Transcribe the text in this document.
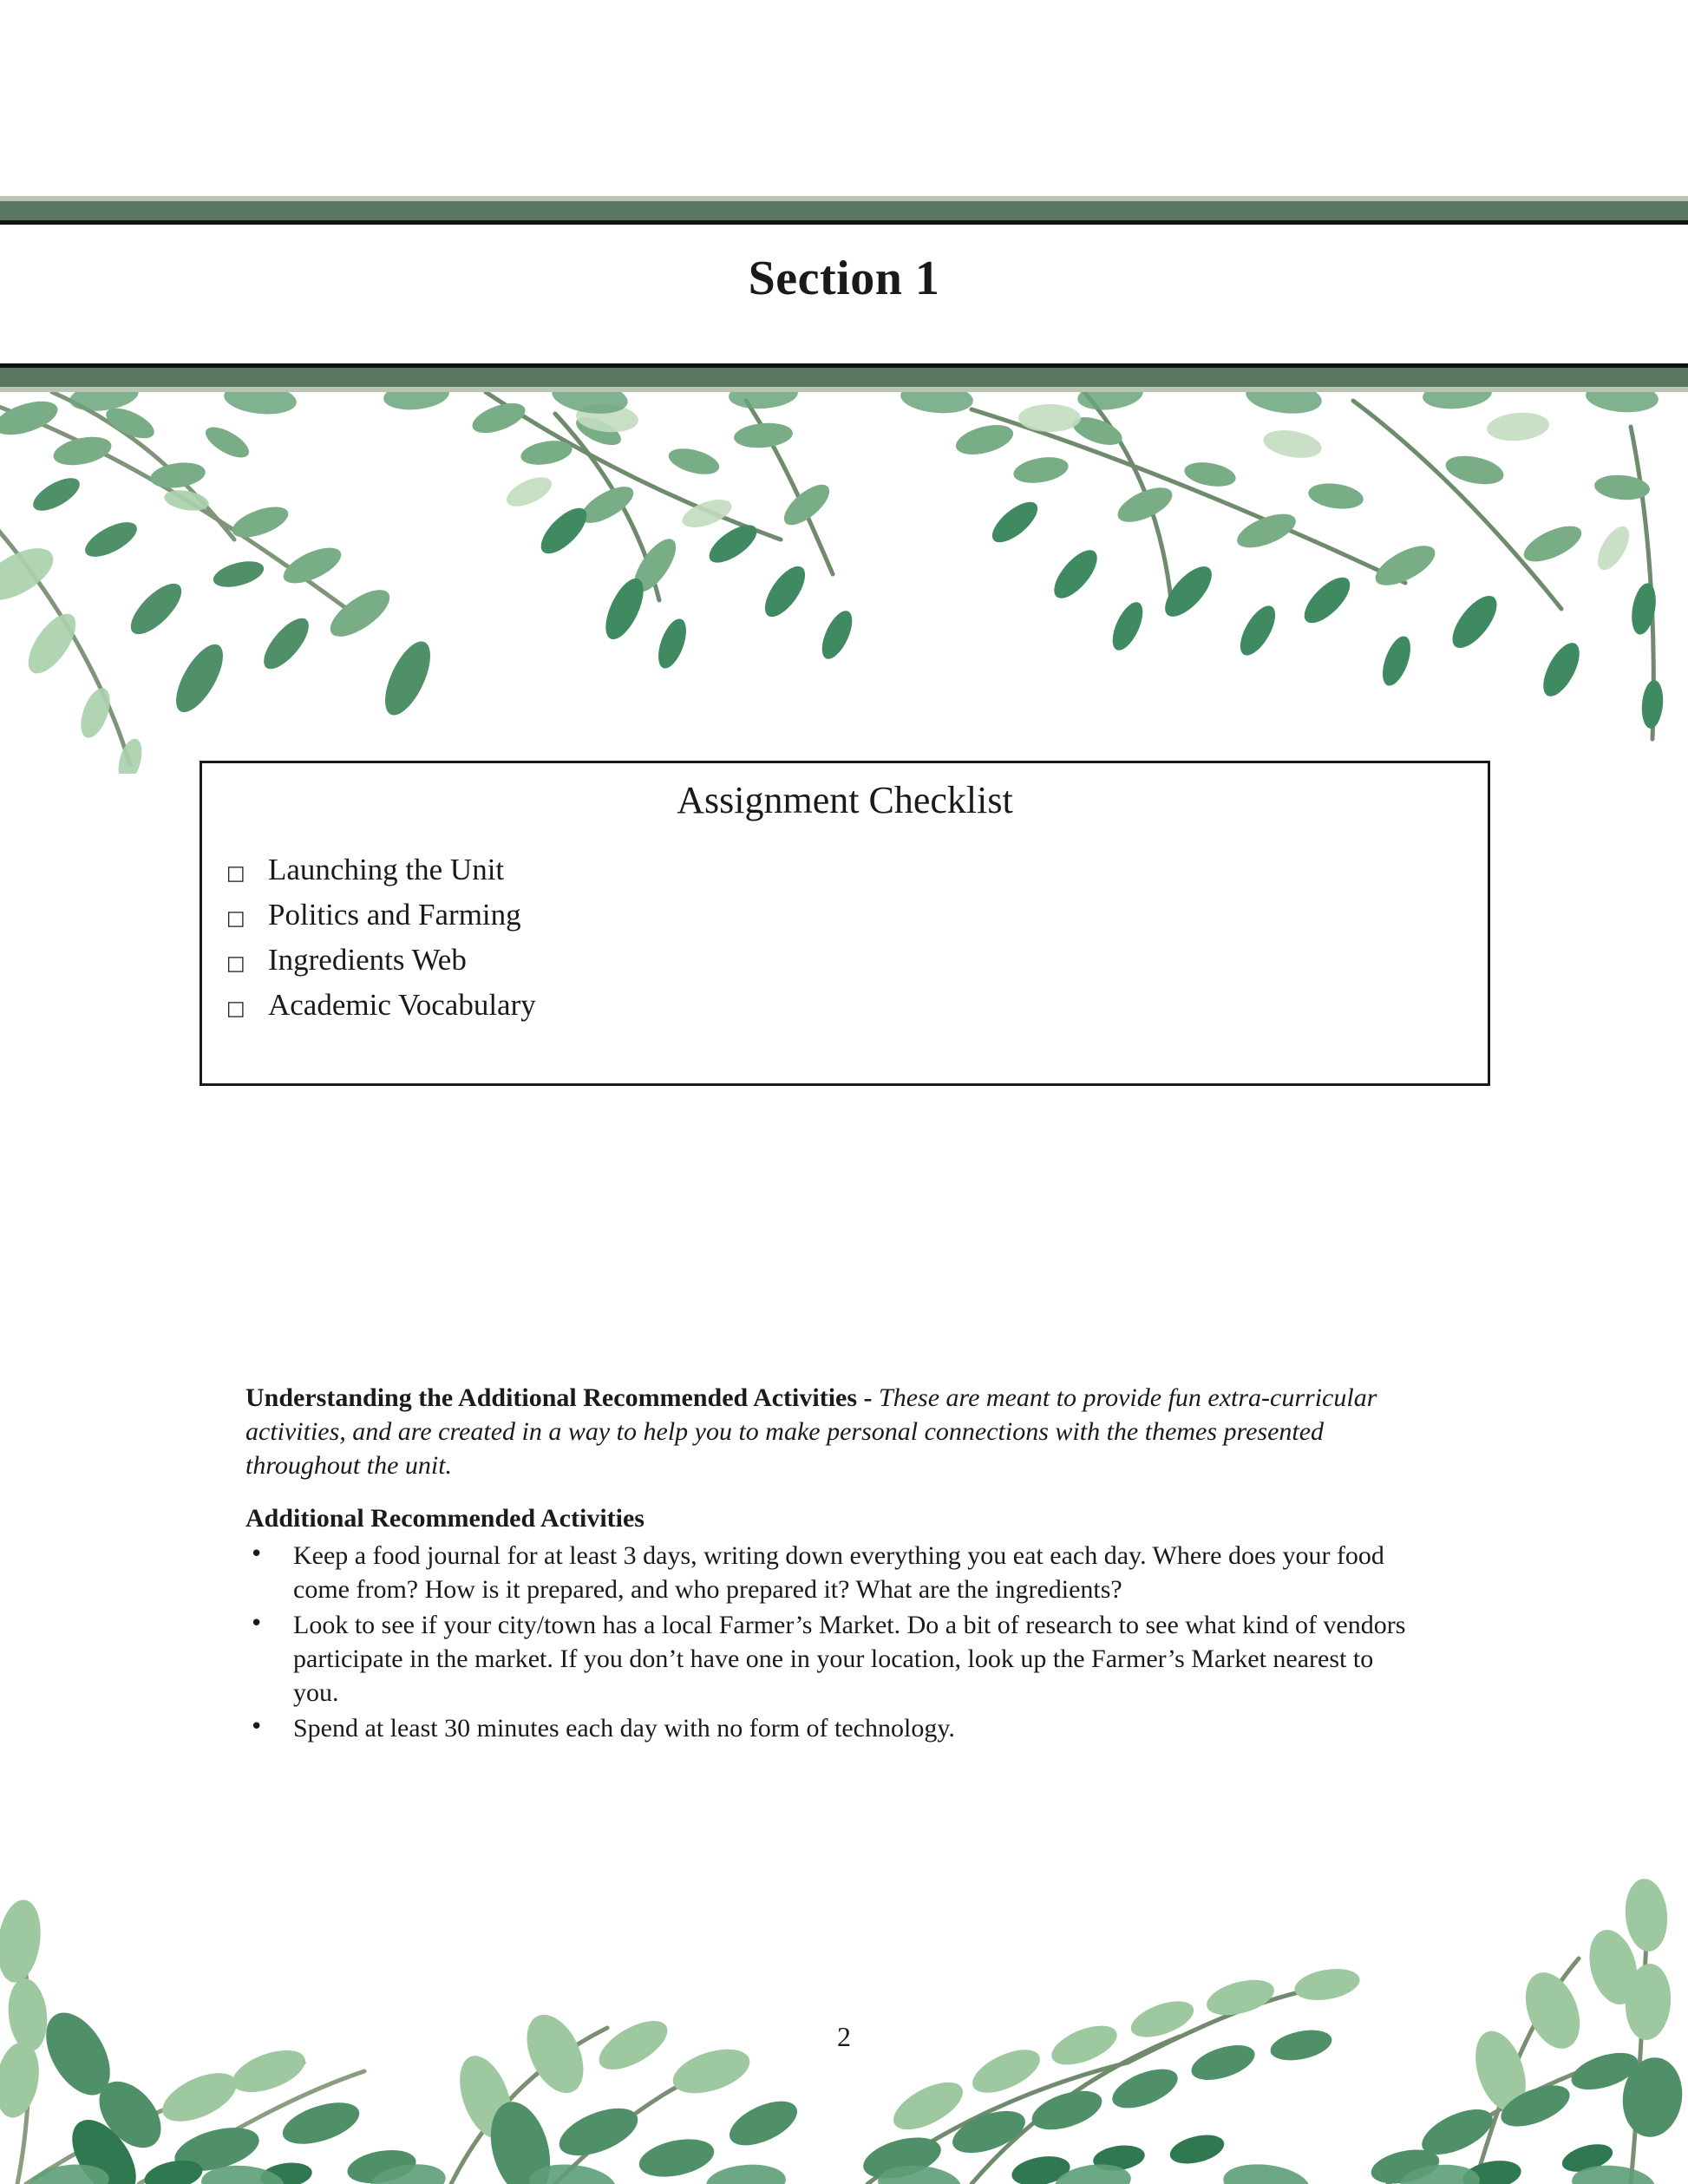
Section 1
Assignment Checklist
□ Launching the Unit
□ Politics and Farming
□ Ingredients Web
□ Academic Vocabulary

Understanding the Additional Recommended Activities - These are meant to provide fun extra-curricular activities, and are created in a way to help you to make personal connections with the themes presented throughout the unit.

Additional Recommended Activities

• Keep a food journal for at least 3 days, writing down everything you eat each day. Where does your food come from? How is it prepared, and who prepared it? What are the ingredients?
• Look to see if your city/town has a local Farmer’s Market. Do a bit of research to see what kind of vendors participate in the market. If you don’t have one in your location, look up the Farmer’s Market nearest to you.
• Spend at least 30 minutes each day with no form of technology.
2
